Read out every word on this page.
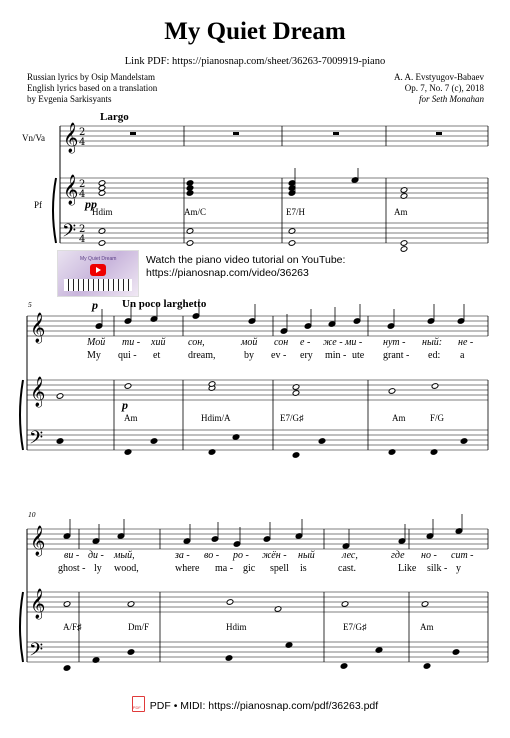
My Quiet Dream
Link PDF: https://pianosnap.com/sheet/36263-7009919-piano
Russian lyrics by Osip Mandelstam
English lyrics based on a translation
by Evgenia Sarkisyants
A. A. Evstyugov-Babaev
Op. 7, No. 7 (c), 2018
for Seth Monahan
Vn/Va
Pf
Largo
pp
Hdim	Am/C	E7/H	Am
My Quiet Dream	Watch the piano video tutorial on YouTube:
https://pianosnap.com/video/36263
5	p Un poco larghetto
Мой ти - хий сон,	мой сон е - жe - ми - нут - ный: не -
My qui - et	dream,	by ev - ery min - ute grant - ed: a
p
Am	Hdim/A	E7/G♯	Am	F/G
10
ви - ди - мый,	за - во - ро - жён - ный	лес,	где но - сит -
ghost - ly wood,	where ma - gic spell is	cast.	Like silk - y
A/F♯	Dm/F	Hdim	E7/G♯	Am
PDFPDF • MIDI: https://pianosnap.com/pdf/36263.pdf
𝄞
𝄞
𝄢
2
4
2
4
2
4
𝄞
𝄞
𝄢
𝄞
𝄞
𝄢
